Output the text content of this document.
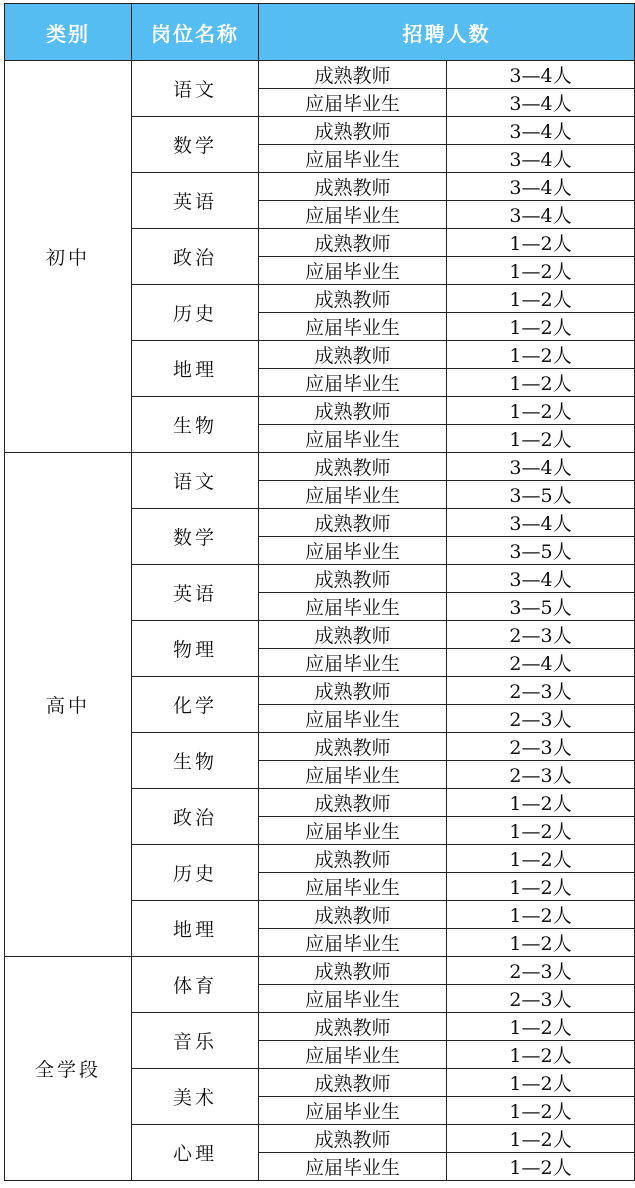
类别	岗位名称	招聘人数	
初中	语文	成熟教师	3—4人
		应届毕业生	3—4人
	数学	成熟教师	3—4人
		应届毕业生	3—4人
	英语	成熟教师	3—4人
		应届毕业生	3—4人
	政治	成熟教师	1—2人
		应届毕业生	1—2人
	历史	成熟教师	1—2人
		应届毕业生	1—2人
	地理	成熟教师	1—2人
		应届毕业生	1—2人
	生物	成熟教师	1—2人
		应届毕业生	1—2人
高中	语文	成熟教师	3—4人
		应届毕业生	3—5人
	数学	成熟教师	3—4人
		应届毕业生	3—5人
	英语	成熟教师	3—4人
		应届毕业生	3—5人
	物理	成熟教师	2—3人
		应届毕业生	2—4人
	化学	成熟教师	2—3人
		应届毕业生	2—3人
	生物	成熟教师	2—3人
		应届毕业生	2—3人
	政治	成熟教师	1—2人
		应届毕业生	1—2人
	历史	成熟教师	1—2人
		应届毕业生	1—2人
	地理	成熟教师	1—2人
		应届毕业生	1—2人
全学段	体育	成熟教师	2—3人
		应届毕业生	2—3人
	音乐	成熟教师	1—2人
		应届毕业生	1—2人
	美术	成熟教师	1—2人
		应届毕业生	1—2人
	心理	成熟教师	1—2人
		应届毕业生	1—2人
